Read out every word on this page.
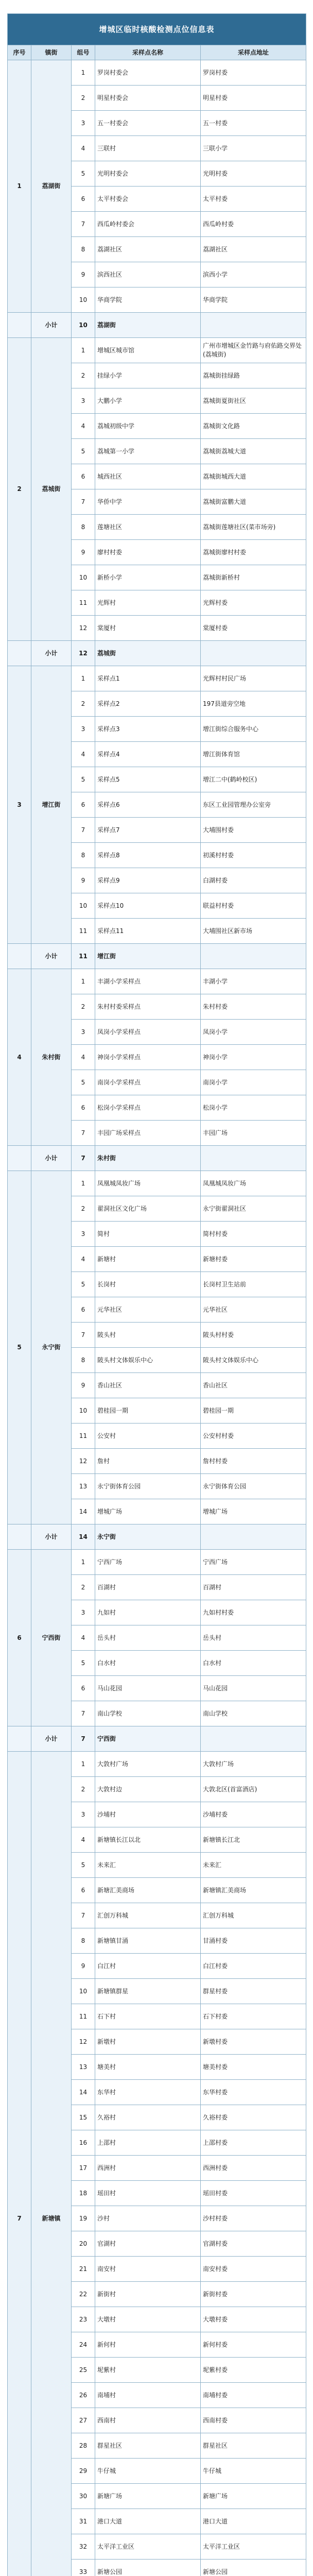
增城区临时核酸检测点位信息表
序号	镇街	组号	采样点名称	采样点地址
1	荔湖街	1	罗岗村委会	罗岗村委
		2	明星村委会	明星村委
		3	五一村委会	五一村委
		4	三联村	三联小学
		5	光明村委会	光明村委
		6	太平村委会	太平村委
		7	西瓜岭村委会	西瓜岭村委
		8	荔湖社区	荔湖社区
		9	滨西社区	滨西小学
		10	华商学院	华商学院
	小计	10	荔湖街	
2	荔城街	1	增城区城市馆	广州市增城区金竹路与府佑路交界处(荔城街)
		2	挂绿小学	荔城街挂绿路
		3	大鹏小学	荔城街夏街社区
		4	荔城初级中学	荔城街文化路
		5	荔城第一小学	荔城街荔城大道
		6	城西社区	荔城街城西大道
		7	华侨中学	荔城街富鹏大道
		8	莲塘社区	荔城街莲塘社区(菜市场旁)
		9	廖村村委	荔城街廖村村委
		10	新桥小学	荔城街新桥村
		11	光辉村	光辉村委
		12	棠厦村	棠厦村委
	小计	12	荔城街	
3	增江街	1	采样点1	光辉村村民广场
		2	采样点2	197县道旁空地
		3	采样点3	增江街综合服务中心
		4	采样点4	增江街体育馆
		5	采样点5	增江二中(鹤岭校区)
		6	采样点6	东区工业园管理办公室旁
		7	采样点7	大埔围村委
		8	采样点8	初溪村村委
		9	采样点9	白湖村委
		10	采样点10	联益村村委
		11	采样点11	大埔围社区新市场
	小计	11	增江街	
4	朱村街	1	丰湖小学采样点	丰湖小学
		2	朱村村委采样点	朱村村委
		3	凤岗小学采样点	凤岗小学
		4	神岗小学采样点	神岗小学
		5	南岗小学采样点	南岗小学
		6	松岗小学采样点	松岗小学
		7	丰园广场采样点	丰园广场
	小计	7	朱村街	
5	永宁街	1	凤凰城凤妆广场	凤凰城凤妆广场
		2	翟洞社区文化广场	永宁街翟洞社区
		3	简村	简村村委
		4	新塘村	新塘村委
		5	长岗村	长岗村卫生站前
		6	元华社区	元华社区
		7	陂头村	陂头村村委
		8	陂头村文体娱乐中心	陂头村文体娱乐中心
		9	香山社区	香山社区
		10	碧桂园一期	碧桂园一期
		11	公安村	公安村村委
		12	詹村	詹村村委
		13	永宁街体育公园	永宁街体育公园
		14	增城广场	增城广场
	小计	14	永宁街	
6	宁西街	1	宁西广场	宁西广场
		2	百湖村	百湖村
		3	九如村	九如村村委
		4	岳头村	岳头村
		5	白水村	白水村
		6	马山花园	马山花园
		7	南山学校	南山学校
	小计	7	宁西街	
7	新塘镇	1	大敦村广场	大敦村广场
		2	大敦村边	大敦北区(首富酒店)
		3	沙埔村	沙埔村委
		4	新塘镇长江以北	新塘镇长江北
		5	未来汇	未来汇
		6	新塘汇美商场	新塘镇汇美商场
		7	汇创万科城	汇创万科城
		8	新塘镇甘涌	甘涌村委
		9	白江村	白江村委
		10	新塘镇群星	群星村委
		11	石下村	石下村委
		12	新墩村	新墩村委
		13	塘美村	塘美村委
		14	东华村	东华村委
		15	久裕村	久裕村委
		16	上邵村	上邵村委
		17	西洲村	西洲村委
		18	瑶田村	瑶田村委
		19	沙村	沙村村委
		20	官湖村	官湖村委
		21	南安村	南安村委
		22	新街村	新街村委
		23	大墩村	大墩村委
		24	新何村	新何村委
		25	坭紫村	坭紫村委
		26	南埔村	南埔村委
		27	西南村	西南村委
		28	群星社区	群星社区
		29	牛仔城	牛仔城
		30	新塘广场	新塘广场
		31	港口大道	港口大道
		32	太平洋工业区	太平洋工业区
		33	新塘公园	新塘公园
